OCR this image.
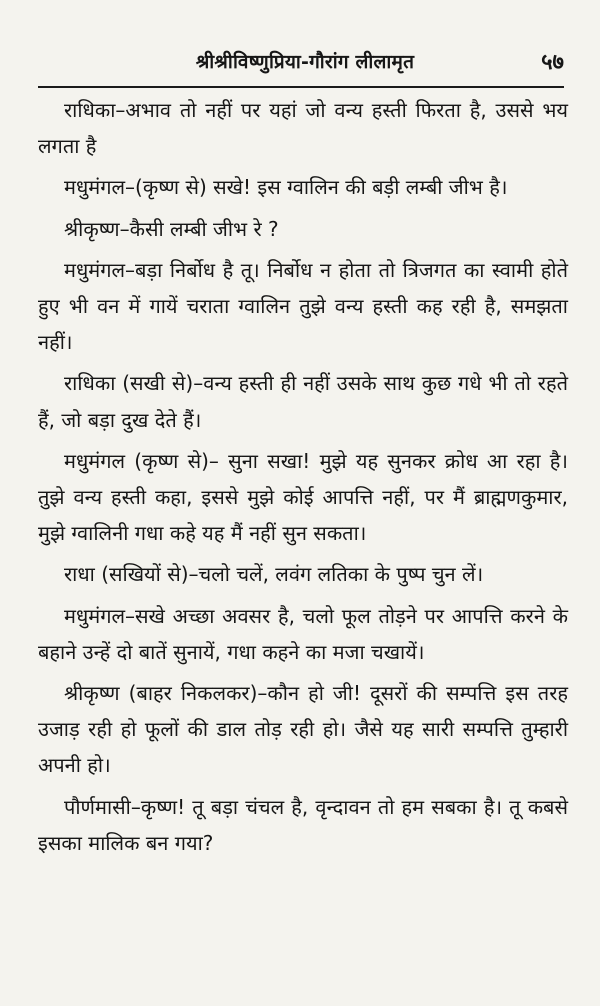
श्रीश्रीविष्णुप्रिया-गौरांग लीलामृत	५७

राधिका–अभाव तो नहीं पर यहां जो वन्य हस्ती फिरता है, उससे भय लगता है

मधुमंगल–(कृष्ण से) सखे! इस ग्वालिन की बड़ी लम्बी जीभ है।

श्रीकृष्ण–कैसी लम्बी जीभ रे ?

मधुमंगल–बड़ा निर्बोध है तू। निर्बोध न होता तो त्रिजगत का स्वामी होते हुए भी वन में गायें चराता ग्वालिन तुझे वन्य हस्ती कह रही है, समझता नहीं।

राधिका (सखी से)–वन्य हस्ती ही नहीं उसके साथ कुछ गधे भी तो रहते हैं, जो बड़ा दुख देते हैं।

मधुमंगल (कृष्ण से)– सुना सखा! मुझे यह सुनकर क्रोध आ रहा है। तुझे वन्य हस्ती कहा, इससे मुझे कोई आपत्ति नहीं, पर मैं ब्राह्मणकुमार, मुझे ग्वालिनी गधा कहे यह मैं नहीं सुन सकता।

राधा (सखियों से)–चलो चलें, लवंग लतिका के पुष्प चुन लें।

मधुमंगल–सखे अच्छा अवसर है, चलो फूल तोड़ने पर आपत्ति करने के बहाने उन्हें दो बातें सुनायें, गधा कहने का मजा चखायें।

श्रीकृष्ण (बाहर निकलकर)–कौन हो जी! दूसरों की सम्पत्ति इस तरह उजाड़ रही हो फूलों की डाल तोड़ रही हो। जैसे यह सारी सम्पत्ति तुम्हारी अपनी हो।

पौर्णमासी–कृष्ण! तू बड़ा चंचल है, वृन्दावन तो हम सबका है। तू कबसे इसका मालिक बन गया?
